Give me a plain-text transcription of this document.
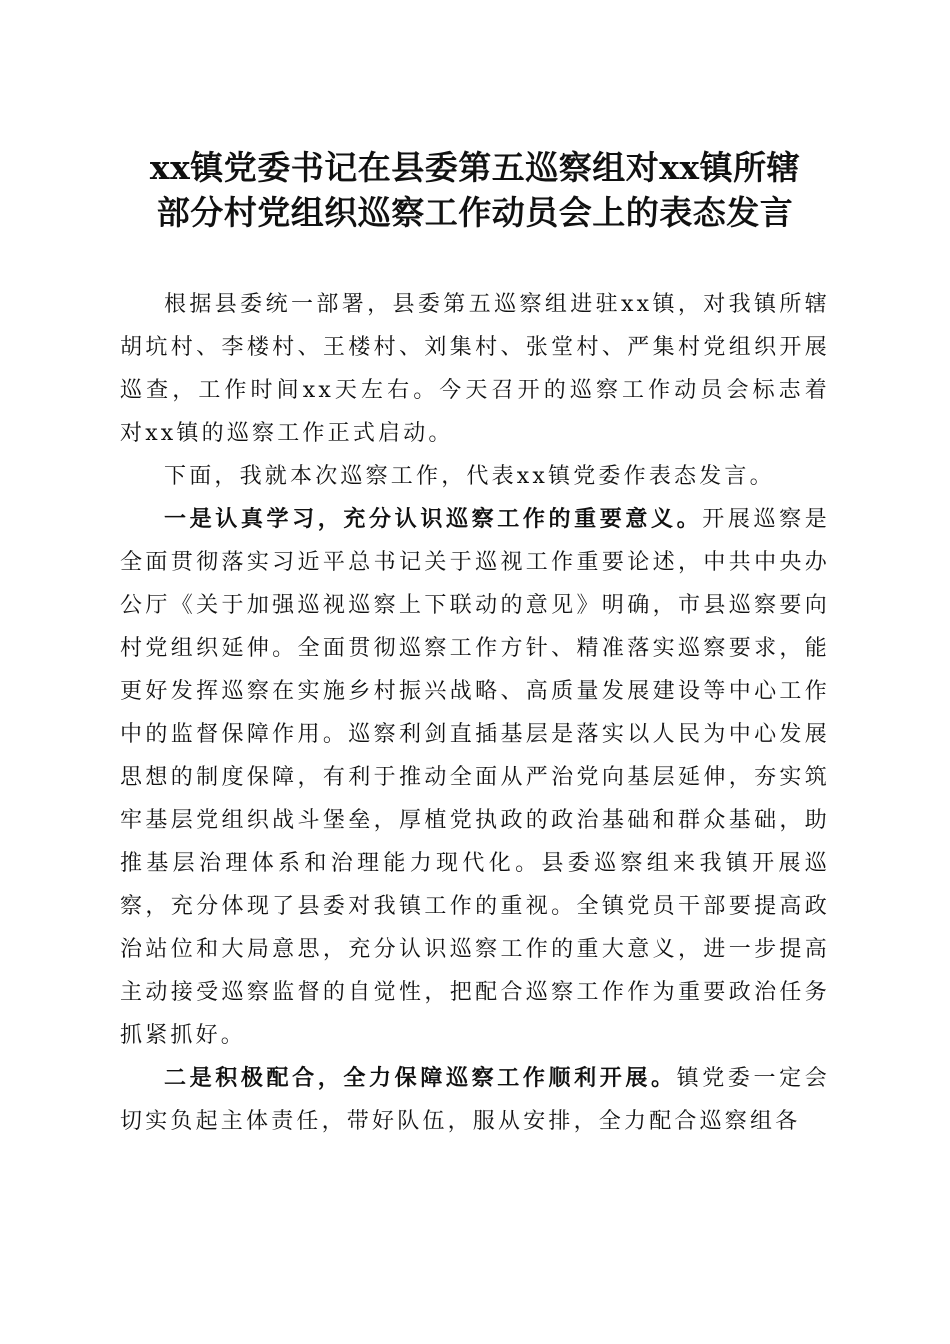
xx镇党委书记在县委第五巡察组对xx镇所辖
部分村党组织巡察工作动员会上的表态发言

根据县委统一部署，县委第五巡察组进驻xx镇，对我镇所辖胡坑村、李楼村、王楼村、刘集村、张堂村、严集村党组织开展巡查，工作时间xx天左右。今天召开的巡察工作动员会标志着对xx镇的巡察工作正式启动。

下面，我就本次巡察工作，代表xx镇党委作表态发言。

一是认真学习，充分认识巡察工作的重要意义。开展巡察是全面贯彻落实习近平总书记关于巡视工作重要论述，中共中央办公厅《关于加强巡视巡察上下联动的意见》明确，市县巡察要向村党组织延伸。全面贯彻巡察工作方针、精准落实巡察要求，能更好发挥巡察在实施乡村振兴战略、高质量发展建设等中心工作中的监督保障作用。巡察利剑直插基层是落实以人民为中心发展思想的制度保障，有利于推动全面从严治党向基层延伸，夯实筑牢基层党组织战斗堡垒，厚植党执政的政治基础和群众基础，助推基层治理体系和治理能力现代化。县委巡察组来我镇开展巡察，充分体现了县委对我镇工作的重视。全镇党员干部要提高政治站位和大局意思，充分认识巡察工作的重大意义，进一步提高主动接受巡察监督的自觉性，把配合巡察工作作为重要政治任务抓紧抓好。

二是积极配合，全力保障巡察工作顺利开展。镇党委一定会切实负起主体责任，带好队伍，服从安排，全力配合巡察组各
